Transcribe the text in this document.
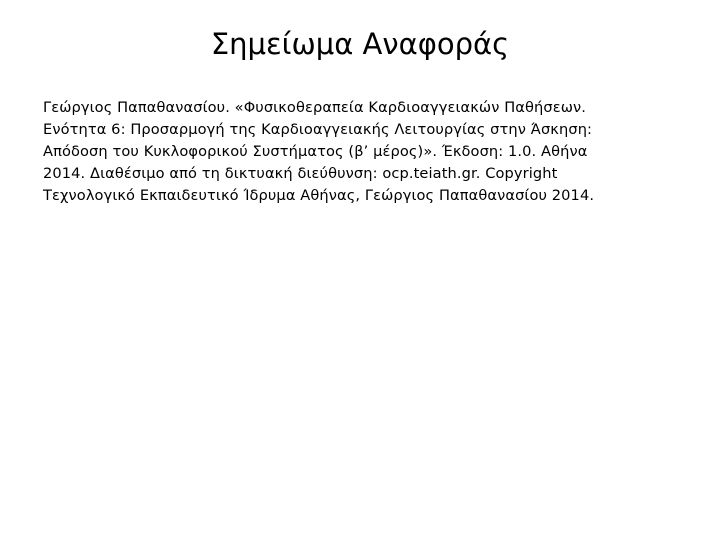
Σημείωμα Αναφοράς
Γεώργιος Παπαθανασίου. «Φυσικοθεραπεία Καρδιοαγγειακών Παθήσεων.
Ενότητα 6: Προσαρμογή της Καρδιοαγγειακής Λειτουργίας στην Άσκηση:
Απόδοση του Κυκλοφορικού Συστήματος (β’ μέρος)». Έκδοση: 1.0. Αθήνα
2014. Διαθέσιμο από τη δικτυακή διεύθυνση: ocp.teiath.gr. Copyright
Τεχνολογικό Εκπαιδευτικό Ίδρυμα Αθήνας, Γεώργιος Παπαθανασίου 2014.
